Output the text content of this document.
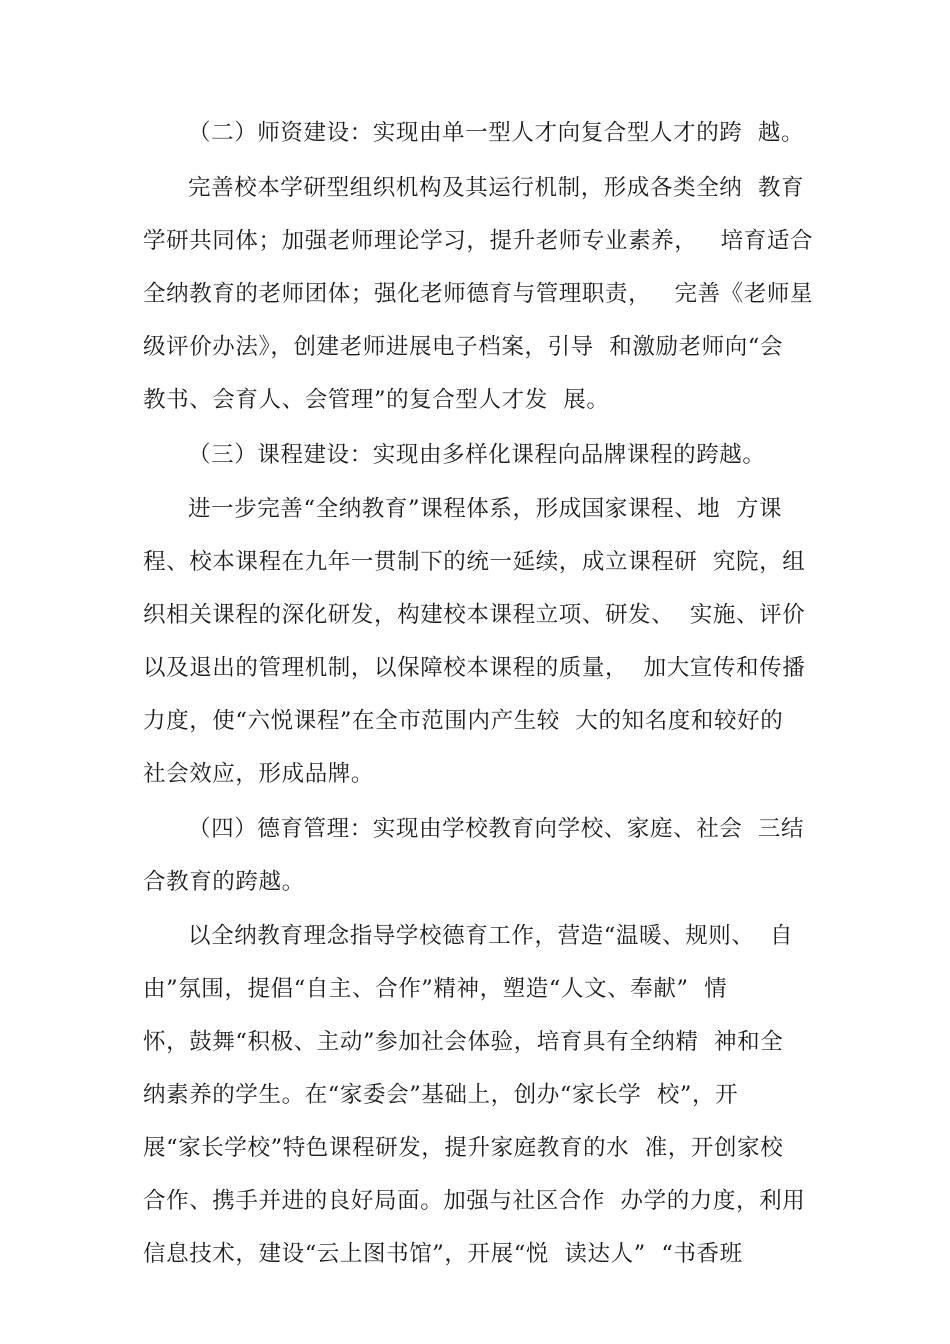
（二）师资建设：实现由单一型人才向复合型人才的跨  越。
完善校本学研型组织机构及其运行机制，形成各类全纳  教育
学研共同体；加强老师理论学习，提升老师专业素养，   培育适合
全纳教育的老师团体；强化老师德育与管理职责，   完善《老师星
级评价办法》，创建老师进展电子档案，引导  和激励老师向“会
教书、会育人、会管理”的复合型人才发  展。
（三）课程建设：实现由多样化课程向品牌课程的跨越。
进一步完善“全纳教育”课程体系，形成国家课程、地  方课
程、校本课程在九年一贯制下的统一延续，成立课程研  究院，组
织相关课程的深化研发，构建校本课程立项、研发、  实施、评价
以及退出的管理机制，以保障校本课程的质量，  加大宣传和传播
力度，使“六悦课程”在全市范围内产生较  大的知名度和较好的
社会效应，形成品牌。
（四）德育管理：实现由学校教育向学校、家庭、社会  三结
合教育的跨越。
以全纳教育理念指导学校德育工作，营造“温暖、规则、  自
由”氛围，提倡“自主、合作”精神，塑造“人文、奉献”  情
怀，鼓舞“积极、主动”参加社会体验，培育具有全纳精  神和全
纳素养的学生。在“家委会”基础上，创办“家长学  校”，开
展“家长学校”特色课程研发，提升家庭教育的水  准，开创家校
合作、携手并进的良好局面。加强与社区合作  办学的力度，利用
信息技术，建设“云上图书馆”，开展“悦  读达人”  “书香班
